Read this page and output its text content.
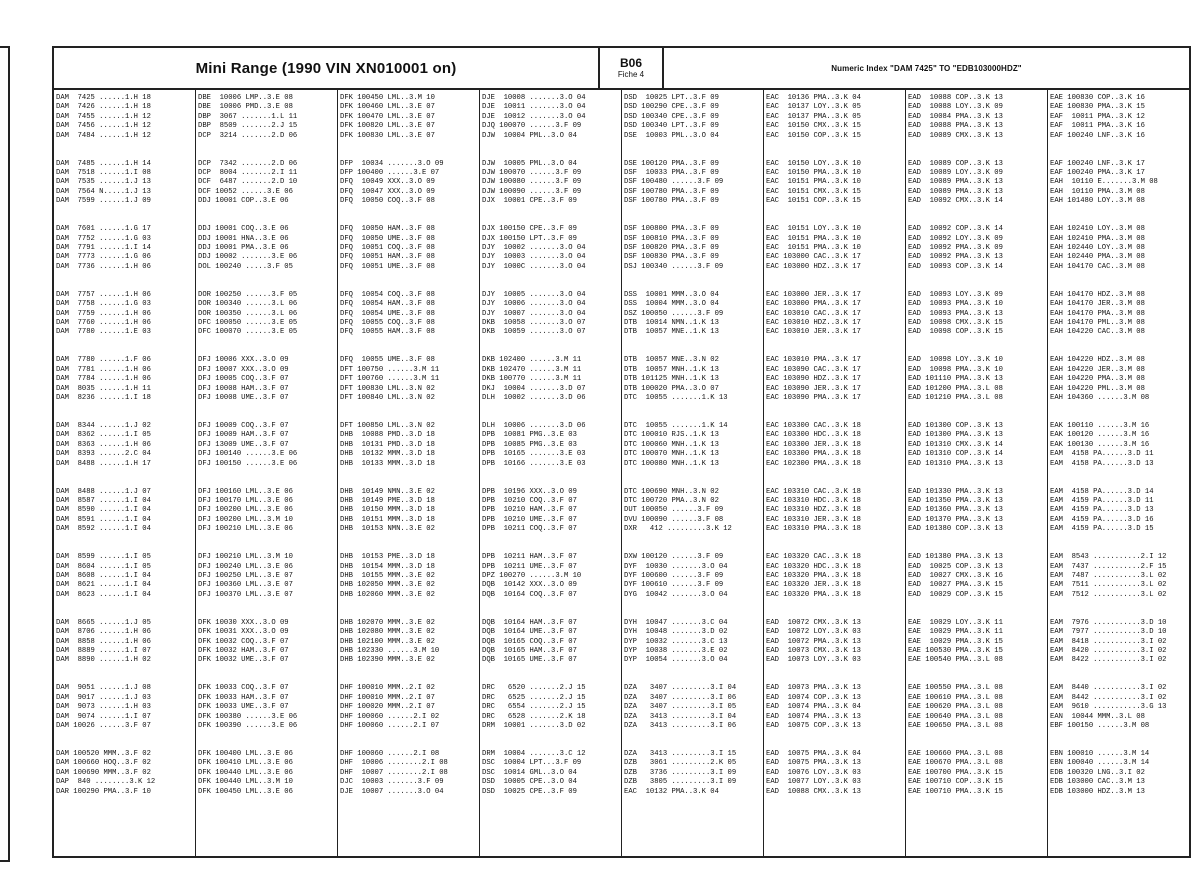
Mini Range (1990 VIN XN010001 on)	B06
Fiche 4
Numeric Index "DAM 7425" TO "EDB103000HDZ"
DAM  7425 ......1.H 18
DAM  7426 ......1.H 18
DAM  7455 ......1.H 12
DAM  7456 ......1.H 12
DAM  7484 ......1.H 12
DAM  7485 ......1.H 14
DAM  7518 ......1.I 08
DAM  7535 ......1.J 13
DAM  7564 N.....1.J 13
DAM  7599 ......1.J 09
DAM  7601 ......1.G 17
DAM  7752 ......1.G 03
DAM  7791 ......1.I 14
DAM  7773 ......1.G 06
DAM  7736 ......1.H 06
DAM  7757 ......1.H 06
DAM  7758 ......1.G 03
DAM  7759 ......1.H 06
DAM  7760 ......1.H 06
DAM  7780 ......1.E 03
DAM  7780 ......1.F 06
DAM  7781 ......1.H 06
DAM  7784 ......1.H 06
DAM  8035 ......1.H 11
DAM  8236 ......1.I 18
DAM  8344 ......1.J 02
DAM  8362 ......1.I 05
DAM  8363 ......1.H 06
DAM  8393 ......2.C 04
DAM  8488 ......1.H 17
DAM  8488 ......1.J 07
DAM  8587 ......1.I 04
DAM  8590 ......1.I 04
DAM  8591 ......1.I 04
DAM  8592 ......1.I 04
DAM  8599 ......1.I 05
DAM  8604 ......1.I 05
DAM  8608 ......1.I 04
DAM  8621 ......1.I 04
DAM  8623 ......1.I 04
DAM  8665 ......1.J 05
DAM  8706 ......1.H 06
DAM  8858 ......1.H 06
DAM  8889 ......1.I 07
DAM  8890 ......1.H 02
DAM  9051 ......1.J 08
DAM  9017 ......1.J 03
DAM  9073 ......1.H 03
DAM  9074 ......1.I 07
DAM 10026 ......3.F 07
DAM 100520 MMM..3.F 02
DAM 100660 HOQ..3.F 02
DAM 100690 MMM..3.F 02
DAP  840 ........3.K 12
DAR 100290 PMA..3.F 10
DBE  10006 LMP..3.E 08
DBE  10006 PMD..3.E 08
DBP  3067 .......1.L 11
DBP  8509 .......2.J 15
DCP  3214 .......2.D 06
DCP  7342 .......2.D 06
DCP  8004 .......2.I 11
DCF  6487 .......2.D 10
DCF 10052 ......3.E 06
DDJ 10001 COP..3.E 06
DDJ 10001 COQ..3.E 06
DDJ 10001 HNA..3.E 06
DDJ 10001 PMA..3.E 06
DDJ 10002 .......3.E 06
DOL 100240 .....3.F 05
DOR 100250 ......3.F 05
DOR 100340 ......3.L 06
DOR 100350 ......3.L 06
DFC 100050 ......3.E 05
DFC 100070 ......3.E 05
DFJ 10006 XXX..3.O 09
DFJ 10007 XXX..3.O 09
DFJ 10005 COQ..3.F 07
DFJ 10008 HAM..3.F 07
DFJ 10008 UME..3.F 07
DFJ 10009 COQ..3.F 07
DFJ 10009 HAM..3.F 07
DFJ 13009 UME..3.F 07
DFJ 100140 ......3.E 06
DFJ 100150 ......3.E 06
DFJ 100160 LML..3.E 06
DFJ 100170 LML..3.E 06
DFJ 100200 LML..3.E 06
DFJ 100200 LML..3.M 10
DFJ 100210 LML..3.E 06
DFJ 100210 LML..3.M 10
DFJ 100240 LML..3.E 06
DFJ 100250 LML..3.E 07
DFJ 100360 LML..3.E 07
DFJ 100370 LML..3.E 07
DFK 10030 XXX..3.O 09
DFK 10031 XXX..3.O 09
DFK 10032 COQ..3.F 07
DFK 10032 HAM..3.F 07
DFK 10032 UME..3.F 07
DFK 10033 COQ..3.F 07
DFK 10033 HAM..3.F 07
DFK 10033 UME..3.F 07
DFK 100380 ......3.E 06
DFK 100390 ......3.E 06
DFK 100400 LML..3.E 06
DFK 100410 LML..3.E 06
DFK 100440 LML..3.E 06
DFK 100440 LML..3.M 10
DFK 100450 LML..3.E 06
DFK 100450 LML..3.M 10
DFK 100460 LML..3.E 07
DFK 100470 LML..3.E 07
DFK 100820 LML..3.E 07
DFK 100830 LML..3.E 07
DFP  10034 .......3.O 09
DFP 100400 ......3.E 07
DFQ  10049 XXX..3.O 09
DFQ  10047 XXX..3.O 09
DFQ  10050 COQ..3.F 08
DFQ  10050 HAM..3.F 08
DFQ  10050 UME..3.F 08
DFQ  10051 COQ..3.F 08
DFQ  10051 HAM..3.F 08
DFQ  10051 UME..3.F 08
DFQ  10054 COQ..3.F 08
DFQ  10054 HAM..3.F 08
DFQ  10054 UME..3.F 08
DFQ  10055 COQ..3.F 08
DFQ  10055 HAM..3.F 08
DFQ  10055 UME..3.F 08
DFT 100750 ......3.M 11
DFT 100760 ......3.M 11
DFT 100830 LML..3.N 02
DFT 100840 LML..3.N 02
DFT 100850 LML..3.N 02
DHB  10088 PMD..3.D 18
DHB  10131 PMD..3.D 18
DHB  10132 MMM..3.D 18
DHB  10133 MMM..3.D 18
DHB  10149 NMN..3.E 02
DHB  10149 PME..3.D 18
DHB  10150 MMM..3.D 18
DHB  10151 MMM..3.D 18
DHB  10153 NMN..3.E 02
DHB  10153 PME..3.D 18
DHB  10154 MMM..3.D 18
DHB  10155 MMM..3.E 02
DHB 102050 MMM..3.E 02
DHB 102060 MMM..3.E 02
DHB 102070 MMM..3.E 02
DHB 102080 MMM..3.E 02
DHB 102100 MMM..3.E 02
DHB 102330 ......3.M 10
DHB 102390 MMM..3.E 02
DHF 100010 MMM..2.I 02
DHF 100010 MMM..2.I 07
DHF 100020 MMM..2.I 07
DHF 100060 ......2.I 02
DHF 100060 ......2.I 07
DHF 100060 ......2.I 08
DHF  10006 ........2.I 08
DHF  10007 ........2.I 08
DJC  10003 .......3.F 09
DJE  10007 .......3.O 04
DJE  10008 .......3.O 04
DJE  10011 .......3.O 04
DJE  10012 .......3.O 04
DJQ 100070 ......3.F 09
DJW  10004 PML..3.O 04
DJW  10005 PML..3.O 04
DJW 100070 ......3.F 09
DJW 100080 ......3.F 09
DJW 100090 ......3.F 09
DJX  10001 CPE..3.F 09
DJX 100150 CPE..3.F 09
DJX 100150 LPT..3.F 09
DJY  10002 .......3.O 04
DJY  10003 .......3.O 04
DJY  1000C .......3.O 04
DJY  10005 .......3.O 04
DJY  10006 .......3.O 04
DJY  10007 .......3.O 04
DKB  10058 .......3.O 07
DKB  10059 .......3.O 07
DKB 102400 ......3.M 11
DKB 102470 ......3.M 11
DKB 100770 ......3.M 11
DKJ  10004 .......3.D 07
DLH  10002 .......3.D 06
DLH  10006 .......3.D 06
DPB  10081 PMG..3.E 03
DPB  10085 PMG..3.E 03
DPB  10165 .......3.E 03
DPB  10166 .......3.E 03
DPB  10196 XXX..3.O 09
DPB  10210 COQ..3.F 07
DPB  10210 HAM..3.F 07
DPB  10210 UME..3.F 07
DPB  10211 COQ..3.F 07
DPB  10211 HAM..3.F 07
DPB  10211 UME..3.F 07
DPZ 100270 ......3.M 10
DQB  10142 XXX..3.O 09
DQB  10164 COQ..3.F 07
DQB  10164 HAM..3.F 07
DQB  10164 UME..3.F 07
DQB  10165 COQ..3.F 07
DQB  10165 HAM..3.F 07
DQB  10165 UME..3.F 07
DRC   6520 .......2.J 15
DRC   6525 .......2.J 15
DRC   6554 .......2.J 15
DRC   6528 .......2.K 18
DRM  10001 .......3.D 02
DRM  10004 .......3.C 12
DSC  10004 LPT...3.F 09
DSC  10014 GML..3.O 04
DSD  10005 CPE..3.O 04
DSD  10025 CPE..3.F 09
DSD  10025 LPT..3.F 09
DSD 100290 CPE..3.F 09
DSD 100340 CPE..3.F 09
DSD 100340 LPT..3.F 09
DSE  10003 PML..3.O 04
DSE 100120 PMA..3.F 09
DSF  10033 PMA..3.F 09
DSF 100480 ......3.F 09
DSF 100780 PMA..3.F 09
DSF 100780 PMA..3.F 09
DSF 100800 PMA..3.F 09
DSF 100810 PMA..3.F 09
DSF 100820 PMA..3.F 09
DSF 100830 PMA..3.F 09
DSJ 100340 ......3.F 09
DSS  10001 MMM..3.O 04
DSS  10004 MMM..3.O 04
DSZ 100050 ......3.F 09
DTB  10014 NMN..1.K 13
DTB  10057 MNE..1.K 13
DTB  10057 MNE..3.N 02
DTB  10057 MNH..1.K 13
DTB 101125 MNH..1.K 13
DTB 100020 PMA..3.O 07
DTC  10055 .......1.K 13
DTC  10055 .......1.K 14
DTC 100010 RJS..1.K 13
DTC 100060 MNH..1.K 13
DTC 100070 MNH..1.K 13
DTC 100080 MNH..1.K 13
DTC 100690 MNH..3.N 02
DTC 100720 PMA..3.N 02
DUT 100050 ......3.F 09
DVU 100090 ......3.F 08
DXR   412 .........3.K 12
DXW 100120 ......3.F 09
DYF  10030 .......3.O 04
DYF 100600 ......3.F 09
DYF 100610 ......3.F 09
DYG  10042 .......3.O 04
DYH  10047 .......3.C 04
DYH  10048 .......3.D 02
DYP  10032 .......3.C 13
DYP  10038 .......3.E 02
DYP  10054 .......3.O 04
DZA   3407 .........3.I 04
DZA   3407 .........3.I 06
DZA   3407 .........3.I 05
DZA   3413 .........3.I 04
DZA   3413 .........3.I 06
DZA   3413 .........3.I 15
DZB   3061 .........2.K 05
DZB   3736 .........3.I 09
DZB   3805 .........3.I 09
EAC  10132 PMA..3.K 04
EAC  10136 PMA..3.K 04
EAC  10137 LOY..3.K 05
EAC  10137 PMA..3.K 05
EAC  10150 CMX..3.K 15
EAC  10150 COP..3.K 15
EAC  10150 LOY..3.K 10
EAC  10150 PMA..3.K 10
EAC  10151 PMA..3.K 10
EAC  10151 CMX..3.K 15
EAC  10151 COP..3.K 15
EAC  10151 LOY..3.K 10
EAC  10151 PMA..3.K 10
EAC  10151 PMA..3.K 10
EAC 103000 CAC..3.K 17
EAC 103000 HDZ..3.K 17
EAC 103000 JER..3.K 17
EAC 103000 PMA..3.K 17
EAC 103010 CAC..3.K 17
EAC 103010 HDZ..3.K 17
EAC 103010 JER..3.K 17
EAC 103010 PMA..3.K 17
EAC 103090 CAC..3.K 17
EAC 103090 HDZ..3.K 17
EAC 103090 JER..3.K 17
EAC 103090 PMA..3.K 17
EAC 103300 CAC..3.K 18
EAC 103300 HDC..3.K 18
EAC 103300 JER..3.K 18
EAC 103300 PMA..3.K 18
EAC 102300 PMA..3.K 18
EAC 103310 CAC..3.K 18
EAC 103310 HDC..3.K 18
EAC 103310 HDZ..3.K 18
EAC 103310 JER..3.K 18
EAC 103310 PMA..3.K 18
EAC 103320 CAC..3.K 18
EAC 103320 HDC..3.K 18
EAC 103320 PMA..3.K 18
EAC 103320 JER..3.K 18
EAC 103320 PMA..3.K 18
EAD  10072 CMX..3.K 13
EAD  10072 LOY..3.K 03
EAD  10072 PMA..3.K 13
EAD  10073 CMX..3.K 13
EAD  10073 LOY..3.K 03
EAD  10073 PMA..3.K 13
EAD  10074 COP..3.K 13
EAD  10074 PMA..3.K 04
EAD  10074 PMA..3.K 13
EAD  10075 COP..3.K 13
EAD  10075 PMA..3.K 04
EAD  10075 PMA..3.K 13
EAD  10076 LOY..3.K 03
EAD  10077 LOY..3.K 03
EAD  10088 CMX..3.K 13
EAD  10088 COP..3.K 13
EAD  10088 LOY..3.K 09
EAD  10084 PMA..3.K 13
EAD  10088 PMA..3.K 13
EAD  10089 CMX..3.K 13
EAD  10089 COP..3.K 13
EAD  10089 LOY..3.K 09
EAD  10089 PMA..3.K 13
EAD  10089 PMA..3.K 13
EAD  10092 CMX..3.K 14
EAD  10092 COP..3.K 14
EAD  10092 LOY..3.K 09
EAD  10092 PMA..3.K 09
EAD  10092 PMA..3.K 13
EAD  10093 COP..3.K 14
EAD  10093 LOY..3.K 09
EAD  10093 PMA..3.K 10
EAD  10093 PMA..3.K 13
EAD  10098 CMX..3.K 15
EAD  10098 COP..3.K 15
EAD  10098 LOY..3.K 10
EAD  10098 PMA..3.K 10
EAD 101110 PMA..3.K 13
EAD 101200 PMA..3.L 08
EAD 101210 PMA..3.L 08
EAD 101300 COP..3.K 13
EAD 101300 PMA..3.K 13
EAD 101310 CMX..3.K 14
EAD 101310 COP..3.K 14
EAD 101310 PMA..3.K 13
EAD 101330 PMA..3.K 13
EAD 101350 PMA..3.K 13
EAD 101360 PMA..3.K 13
EAD 101370 PMA..3.K 13
EAD 101380 COP..3.K 13
EAD 101380 PMA..3.K 13
EAD  10025 COP..3.K 13
EAD  10027 CMX..3.K 16
EAD  10027 PMA..3.K 15
EAD  10029 COP..3.K 15
EAE  10029 LOY..3.K 11
EAE  10029 PMA..3.K 11
EAE  10029 PMA..3.K 15
EAE 100530 PMA..3.K 15
EAE 100540 PMA..3.L 08
EAE 100550 PMA..3.L 08
EAE 100610 PMA..3.L 08
EAE 100620 PMA..3.L 08
EAE 100640 PMA..3.L 08
EAE 100650 PMA..3.L 08
EAE 100660 PMA..3.L 08
EAE 100670 PMA..3.L 08
EAE 100700 PMA..3.K 15
EAE 100710 COP..3.K 15
EAE 100710 PMA..3.K 15
EAE 100830 COP..3.K 16
EAE 100830 PMA..3.K 15
EAF  10011 PMA..3.K 12
EAF  10011 PMA..3.K 16
EAF 100240 LNF..3.K 16
EAF 100240 LNF..3.K 17
EAF 100240 PMA..3.K 17
EAH  10110 E.......3.M 08
EAH  10110 PMA..3.M 08
EAH 101480 LOY..3.M 08
EAH 102410 LOY..3.M 08
EAH 102410 PMA..3.M 08
EAH 102440 LOY..3.M 08
EAH 102440 PMA..3.M 08
EAH 104170 CAC..3.M 08
EAH 104170 HDZ..3.M 08
EAH 104170 JER..3.M 08
EAH 104170 PMA..3.M 08
EAH 104170 PML..3.M 08
EAH 104220 CAC..3.M 08
EAH 104220 HDZ..3.M 08
EAH 104220 JER..3.M 08
EAH 104220 PMA..3.M 08
EAH 104220 PML..3.M 08
EAH 104360 ......3.M 08
EAK 100110 ......3.M 16
EAK 100120 ......3.M 16
EAK 100130 ......3.M 16
EAM  4158 PA......3.D 11
EAM  4158 PA......3.D 13
EAM  4158 PA......3.D 14
EAM  4159 PA......3.D 11
EAM  4159 PA......3.D 13
EAM  4159 PA......3.D 16
EAM  4159 PA......3.D 15
EAM  8543 ...........2.I 12
EAM  7437 ...........2.F 15
EAM  7487 ...........3.L 02
EAM  7511 ...........3.L 02
EAM  7512 ...........3.L 02
EAM  7976 ...........3.D 10
EAM  7977 ...........3.D 10
EAM  8418 ...........3.I 02
EAM  8420 ...........3.I 02
EAM  8422 ...........3.I 02
EAM  8440 ...........3.I 02
EAM  8442 ...........3.I 02
EAM  9610 ...........3.G 13
EAN  10044 MMM..3.L 08
EBF 100150 ......3.M 08
EBN 100010 ......3.M 14
EBN 100040 ......3.M 14
EDB 100320 LNG..3.I 02
EDB 103000 CAC..3.M 13
EDB 103000 HDZ..3.M 13
